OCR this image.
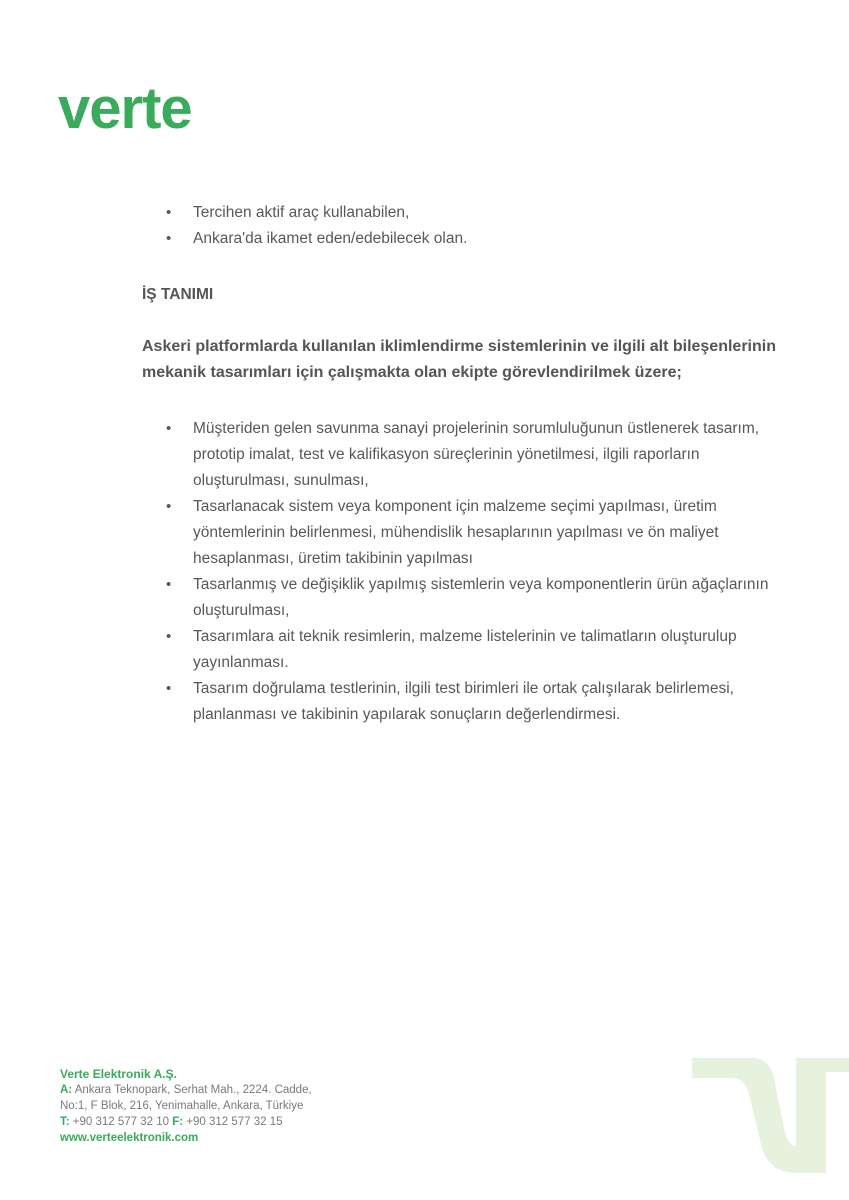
verte
• Tercihen aktif araç kullanabilen,
• Ankara'da ikamet eden/edebilecek olan.
İŞ TANIMI
Askeri platformlarda kullanılan iklimlendirme sistemlerinin ve ilgili alt bileşenlerinin mekanik tasarımları için çalışmakta olan ekipte görevlendirilmek üzere;
• Müşteriden gelen savunma sanayi projelerinin sorumluluğunun üstlenerek tasarım, prototip imalat, test ve kalifikasyon süreçlerinin yönetilmesi, ilgili raporların oluşturulması, sunulması,
• Tasarlanacak sistem veya komponent için malzeme seçimi yapılması, üretim yöntemlerinin belirlenmesi, mühendislik hesaplarının yapılması ve ön maliyet hesaplanması, üretim takibinin yapılması
• Tasarlanmış ve değişiklik yapılmış sistemlerin veya komponentlerin ürün ağaçlarının oluşturulması,
• Tasarımlara ait teknik resimlerin, malzeme listelerinin ve talimatların oluşturulup yayınlanması.
• Tasarım doğrulama testlerinin, ilgili test birimleri ile ortak çalışılarak belirlemesi, planlanması ve takibinin yapılarak sonuçların değerlendirmesi.
Verte Elektronik A.Ş.
A: Ankara Teknopark, Serhat Mah., 2224. Cadde,
No:1, F Blok, 216, Yenimahalle, Ankara, Türkiye
T: +90 312 577 32 10 F: +90 312 577 32 15
www.verteelektronik.com
